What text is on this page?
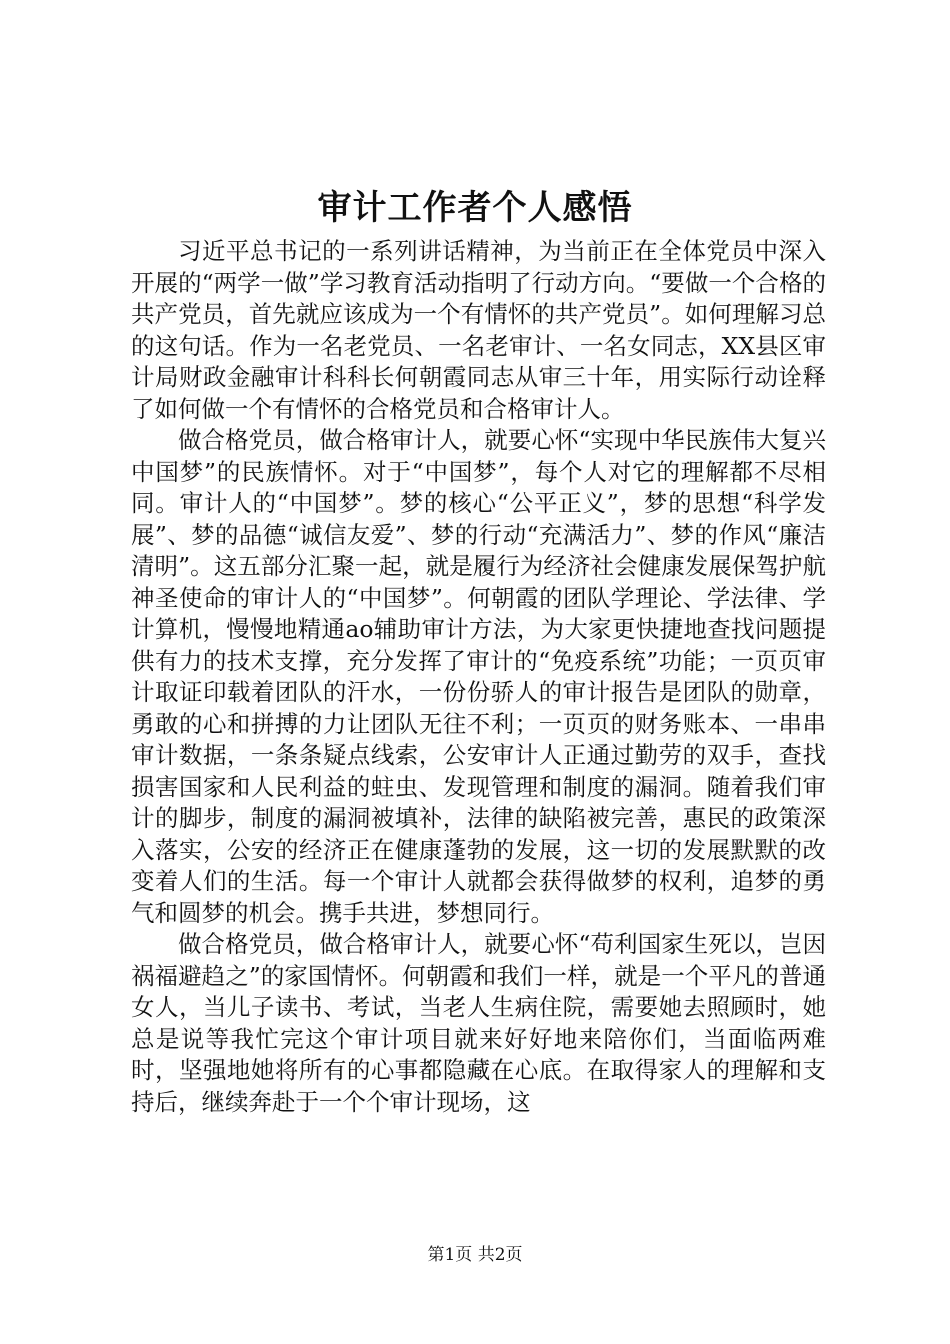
审计工作者个人感悟

习近平总书记的一系列讲话精神，为当前正在全体党员中深入开展的“两学一做”学习教育活动指明了行动方向。“要做一个合格的共产党员，首先就应该成为一个有情怀的共产党员”。如何理解习总的这句话。作为一名老党员、一名老审计、一名女同志，XX县区审计局财政金融审计科科长何朝霞同志从审三十年，用实际行动诠释了如何做一个有情怀的合格党员和合格审计人。

做合格党员，做合格审计人，就要心怀“实现中华民族伟大复兴中国梦”的民族情怀。对于“中国梦”，每个人对它的理解都不尽相同。审计人的“中国梦”。梦的核心“公平正义”，梦的思想“科学发展”、梦的品德“诚信友爱”、梦的行动“充满活力”、梦的作风“廉洁清明”。这五部分汇聚一起，就是履行为经济社会健康发展保驾护航神圣使命的审计人的“中国梦”。何朝霞的团队学理论、学法律、学计算机，慢慢地精通ao辅助审计方法，为大家更快捷地查找问题提供有力的技术支撑，充分发挥了审计的“免疫系统”功能；一页页审计取证印载着团队的汗水，一份份骄人的审计报告是团队的勋章，勇敢的心和拼搏的力让团队无往不利；一页页的财务账本、一串串审计数据，一条条疑点线索，公安审计人正通过勤劳的双手，查找损害国家和人民利益的蛀虫、发现管理和制度的漏洞。随着我们审计的脚步，制度的漏洞被填补，法律的缺陷被完善，惠民的政策深入落实，公安的经济正在健康蓬勃的发展，这一切的发展默默的改变着人们的生活。每一个审计人就都会获得做梦的权利，追梦的勇气和圆梦的机会。携手共进，梦想同行。

做合格党员，做合格审计人，就要心怀“苟利国家生死以，岂因祸福避趋之”的家国情怀。何朝霞和我们一样，就是一个平凡的普通女人，当儿子读书、考试，当老人生病住院，需要她去照顾时，她总是说等我忙完这个审计项目就来好好地来陪你们，当面临两难时，坚强地她将所有的心事都隐藏在心底。在取得家人的理解和支持后，继续奔赴于一个个审计现场，这

第1页 共2页
